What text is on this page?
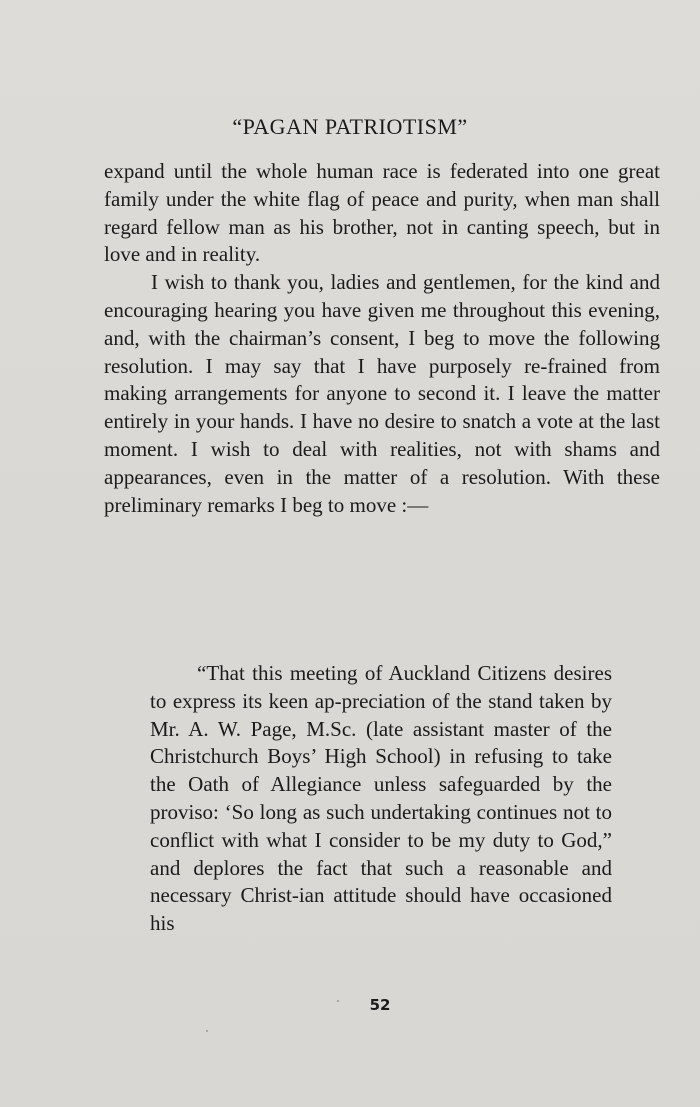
“PAGAN PATRIOTISM”

expand until the whole human race is federated into one great family under the white flag of peace and purity, when man shall regard fellow man as his brother, not in canting speech, but in love and in reality.

I wish to thank you, ladies and gentlemen, for the kind and encouraging hearing you have given me throughout this evening, and, with the chairman’s consent, I beg to move the following resolution. I may say that I have purposely re-frained from making arrangements for anyone to second it. I leave the matter entirely in your hands. I have no desire to snatch a vote at the last moment. I wish to deal with realities, not with shams and appearances, even in the matter of a resolution. With these preliminary remarks I beg to move :—

“That this meeting of Auckland Citizens desires to express its keen ap-preciation of the stand taken by Mr. A. W. Page, M.Sc. (late assistant master of the Christchurch Boys’ High School) in refusing to take the Oath of Allegiance unless safeguarded by the proviso: ‘So long as such undertaking continues not to conflict with what I consider to be my duty to God,” and deplores the fact that such a reasonable and necessary Christ-ian attitude should have occasioned his

52
